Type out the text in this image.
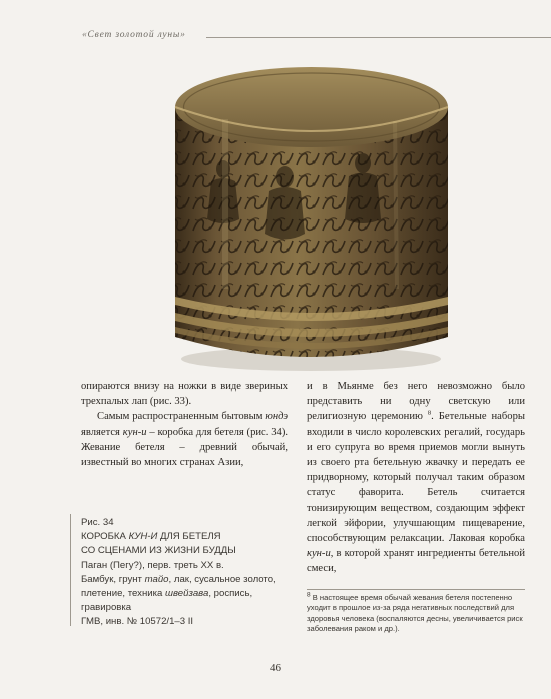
«Свет золотой луны»

опираются внизу на ножки в виде звериных трехпалых лап (рис. 33).

Самым распространенным бытовым юндэ является кун-и – коробка для бетеля (рис. 34). Жевание бетеля – древний обычай, известный во многих странах Азии,

и в Мьянме без него невозможно было представить ни одну светскую или религиозную церемонию $^8$. Бетельные наборы входили в число королевских регалий, государь и его супруга во время приемов могли вынуть из своего рта бетельную жвачку и передать ее придворному, который получал таким образом статус фаворита. Бетель считается тонизирующим веществом, создающим эффект легкой эйфории, улучшающим пищеварение, способствующим релаксации. Лаковая коробка кун-и, в которой хранят ингредиенты бетельной смеси,

Рис. 34

КОРОБКА КУН-И ДЛЯ БЕТЕЛЯ

СО СЦЕНАМИ ИЗ ЖИЗНИ БУДДЫ

Паган (Пегу?), перв. треть XX в.

Бамбук, грунт тайо, лак, сусальное золото, плетение, техника швейзава, роспись, гравировка

ГМВ, инв. № 10572/1–3 II

$^8$ В настоящее время обычай жевания бетеля постепенно уходит в прошлое из-за ряда негативных последствий для здоровья человека (воспаляются десны, увеличивается риск заболевания раком и др.).

46
